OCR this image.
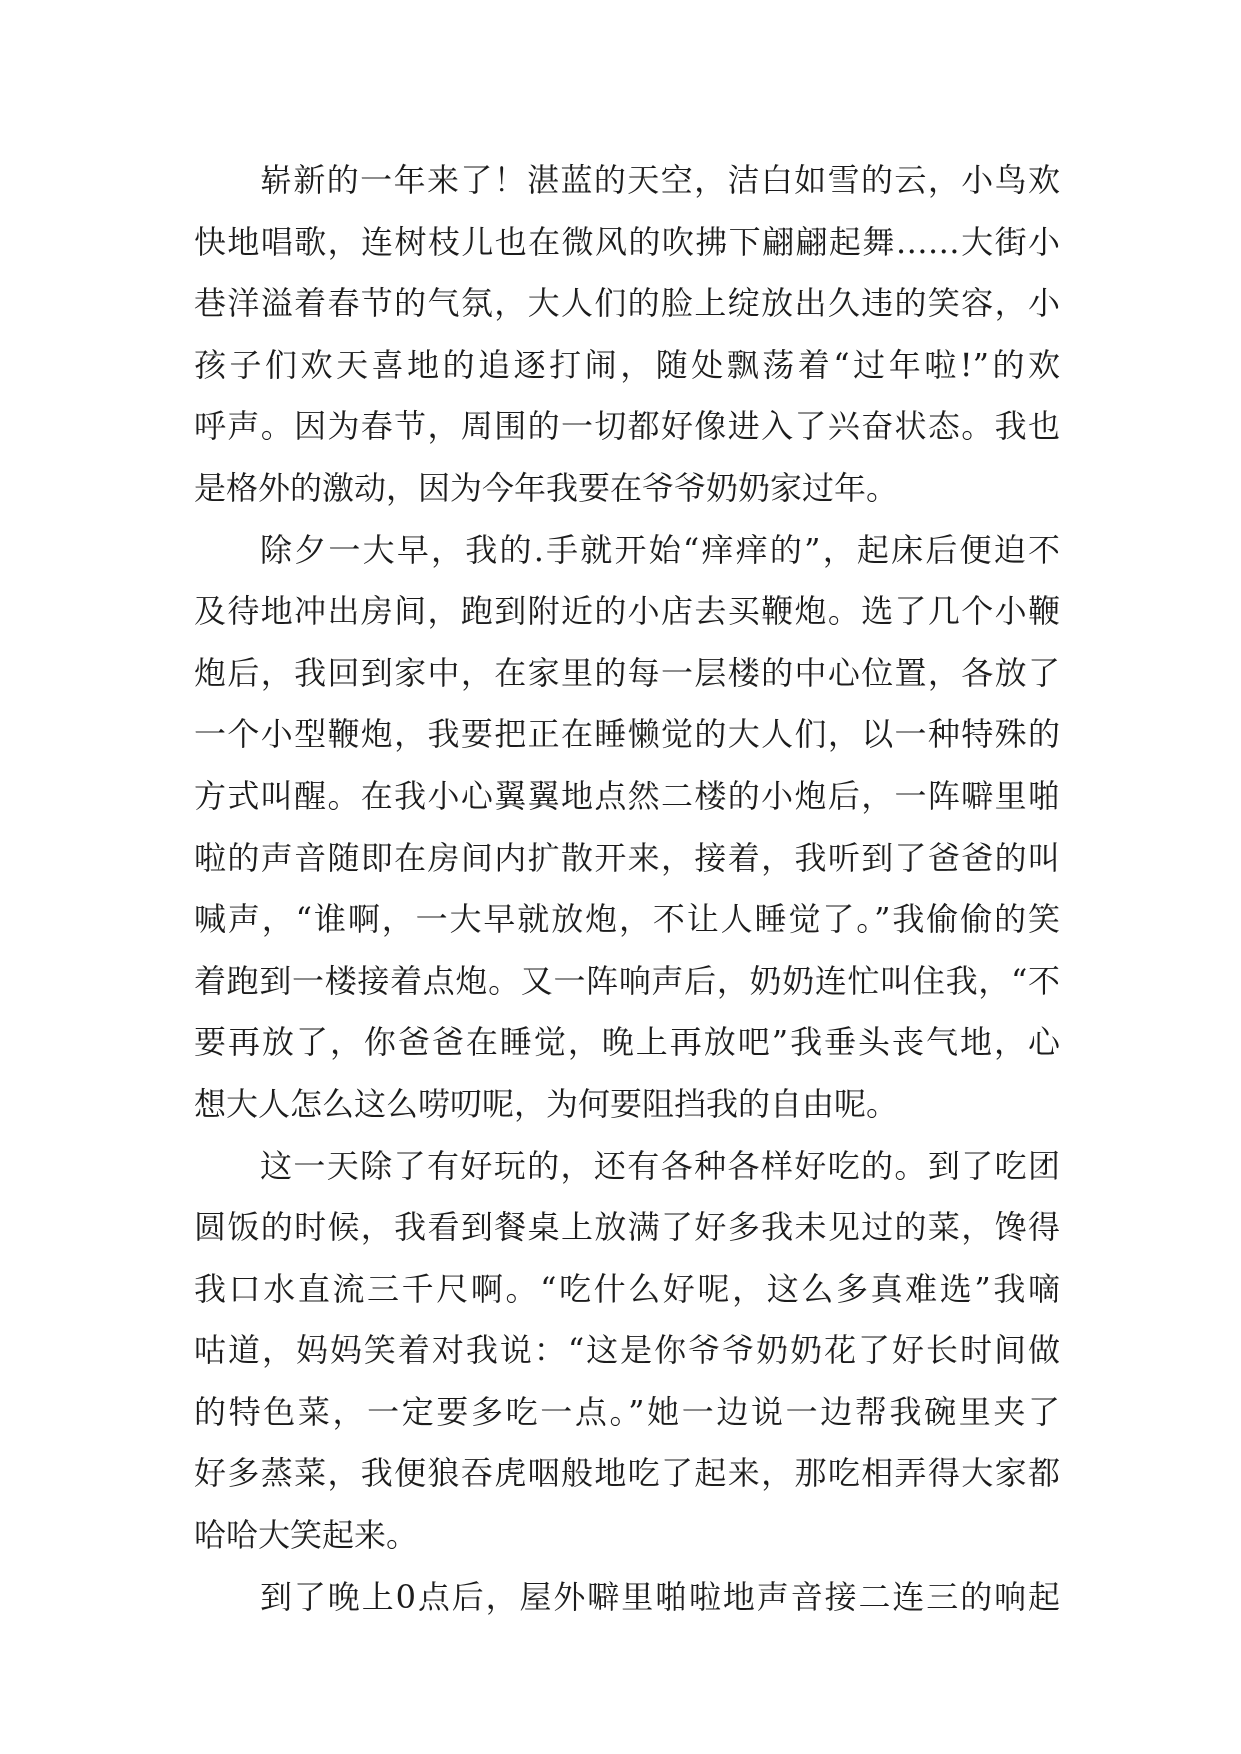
崭新的一年来了！湛蓝的天空，洁白如雪的云，小鸟欢
快地唱歌，连树枝儿也在微风的吹拂下翩翩起舞……大街小
巷洋溢着春节的气氛，大人们的脸上绽放出久违的笑容，小
孩子们欢天喜地的追逐打闹，随处飘荡着“过年啦!”的欢
呼声。因为春节，周围的一切都好像进入了兴奋状态。我也
是格外的激动，因为今年我要在爷爷奶奶家过年。
除夕一大早，我的.手就开始“痒痒的”，起床后便迫不
及待地冲出房间，跑到附近的小店去买鞭炮。选了几个小鞭
炮后，我回到家中，在家里的每一层楼的中心位置，各放了
一个小型鞭炮，我要把正在睡懒觉的大人们，以一种特殊的
方式叫醒。在我小心翼翼地点然二楼的小炮后，一阵噼里啪
啦的声音随即在房间内扩散开来，接着，我听到了爸爸的叫
喊声，“谁啊，一大早就放炮，不让人睡觉了。”我偷偷的笑
着跑到一楼接着点炮。又一阵响声后，奶奶连忙叫住我，“不
要再放了，你爸爸在睡觉，晚上再放吧”我垂头丧气地，心
想大人怎么这么唠叨呢，为何要阻挡我的自由呢。
这一天除了有好玩的，还有各种各样好吃的。到了吃团
圆饭的时候，我看到餐桌上放满了好多我未见过的菜，馋得
我口水直流三千尺啊。“吃什么好呢，这么多真难选”我嘀
咕道，妈妈笑着对我说：“这是你爷爷奶奶花了好长时间做
的特色菜，一定要多吃一点。”她一边说一边帮我碗里夹了
好多蒸菜，我便狼吞虎咽般地吃了起来，那吃相弄得大家都
哈哈大笑起来。
到了晚上0点后，屋外噼里啪啦地声音接二连三的响起
